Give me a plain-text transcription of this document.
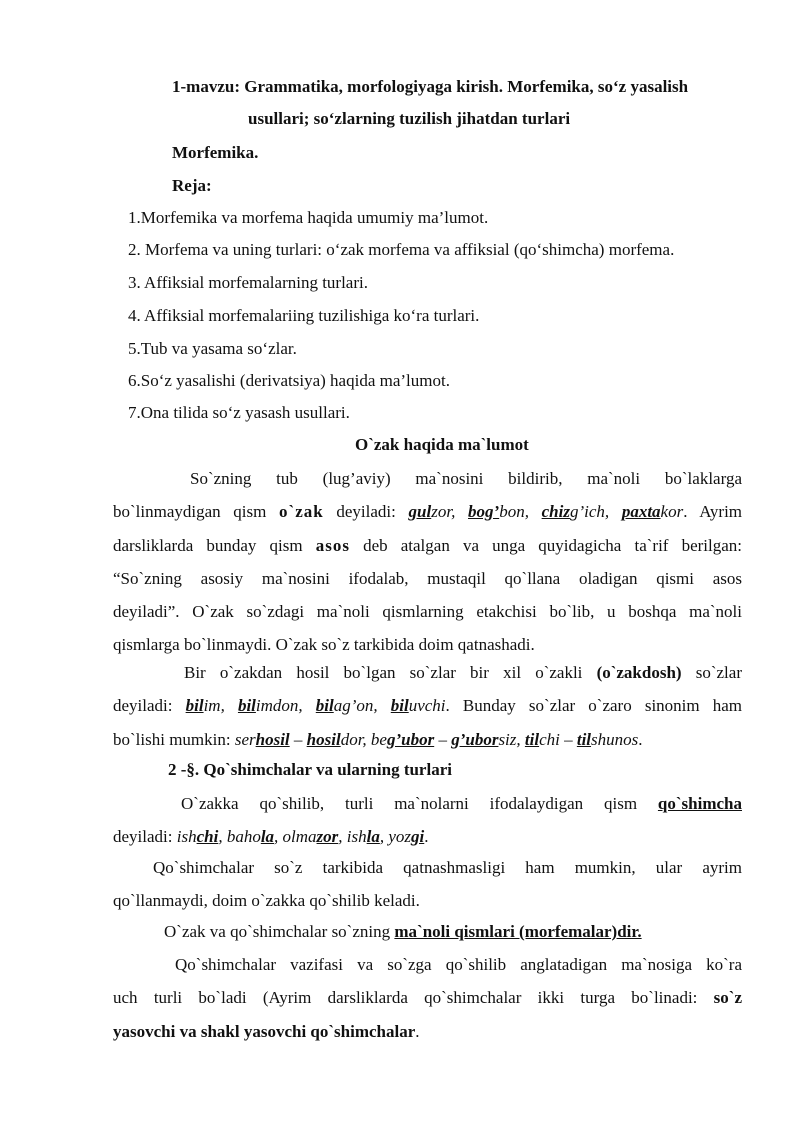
1-mavzu: Grammatika, morfologiyaga kirish. Morfemika, so‘z yasalish
usullari; so‘zlarning tuzilish jihatdan turlari
Morfemika.
Reja:
1.Morfemika va morfema haqida umumiy ma’lumot.
2. Morfema va uning turlari: o‘zak morfema va affiksial (qo‘shimcha) morfema.
3. Affiksial morfemalarning turlari.
4. Affiksial morfemalariing tuzilishiga ko‘ra turlari.
5.Tub va yasama so‘zlar.
6.So‘z yasalishi (derivatsiya) haqida ma’lumot.
7.Ona tilida so‘z yasash usullari.
O`zak haqida ma`lumot
So`zning tub (lug’aviy) ma`nosini bildirib, ma`noli bo`laklarga
bo`linmaydigan qism o`zak deyiladi: gulzor, bog’bon, chizg’ich, paxtakor. Ayrim
darsliklarda bunday qism asos deb atalgan va unga quyidagicha ta`rif berilgan:
“So`zning asosiy ma`nosini ifodalab, mustaqil qo`llana oladigan qismi asos
deyiladi”. O`zak so`zdagi ma`noli qismlarning etakchisi bo`lib, u boshqa ma`noli
qismlarga bo`linmaydi. O`zak so`z tarkibida doim qatnashadi.
Bir o`zakdan hosil bo`lgan so`zlar bir xil o`zakli (o`zakdosh) so`zlar
deyiladi: bilim, bilimdon, bilag’on, biluvchi. Bunday so`zlar o`zaro sinonim ham
bo`lishi mumkin: serhosil – hosildor, beg’ubor – g’uborsiz, tilchi – tilshunos.
2 -§. Qo`shimchalar va ularning turlari
O`zakka qo`shilib, turli ma`nolarni ifodalaydigan qism qo`shimcha
deyiladi: ishchi, bahola, olmazor, ishla, yozgi.
Qo`shimchalar so`z tarkibida qatnashmasligi ham mumkin, ular ayrim
qo`llanmaydi, doim o`zakka qo`shilib keladi.
O`zak va qo`shimchalar so`zning ma`noli qismlari (morfemalar)dir.
Qo`shimchalar vazifasi va so`zga qo`shilib anglatadigan ma`nosiga ko`ra
uch turli bo`ladi (Ayrim darsliklarda qo`shimchalar ikki turga bo`linadi: so`z
yasovchi va shakl yasovchi qo`shimchalar.
